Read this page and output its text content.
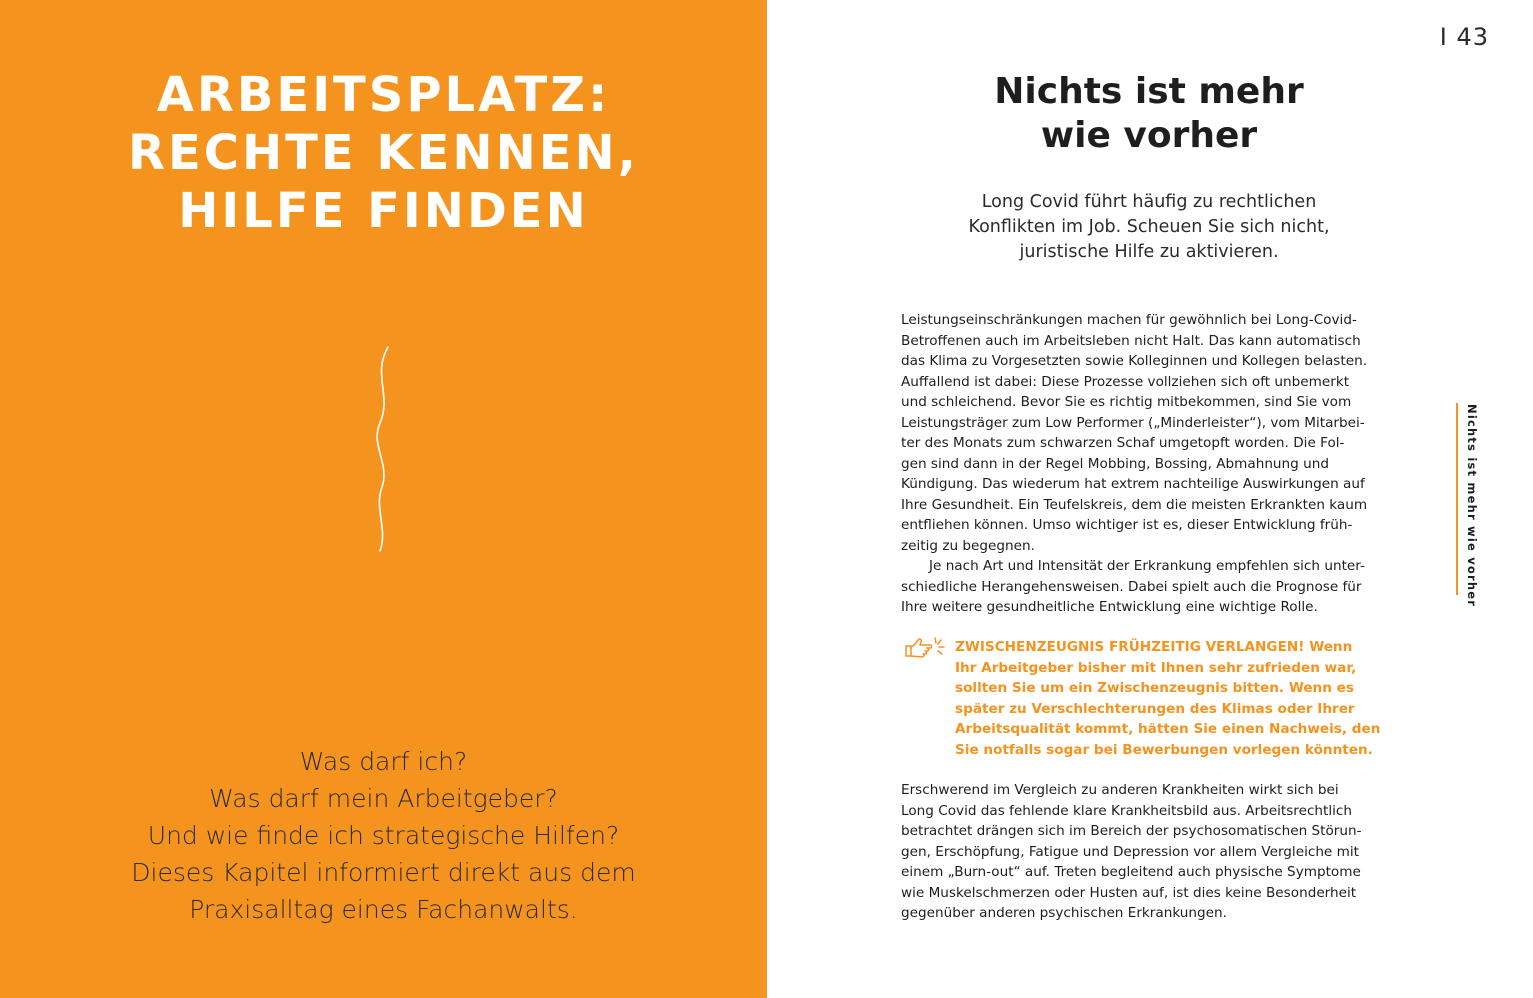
ARBEITSPLATZ:
RECHTE KENNEN,
HILFE FINDEN
Was darf ich?
Was darf mein Arbeitgeber?
Und wie finde ich strategische Hilfen?
Dieses Kapitel informiert direkt aus dem
Praxisalltag eines Fachanwalts.
I 43
Nichts ist mehr
wie vorher
Long Covid führt häufig zu rechtlichen
Konflikten im Job. Scheuen Sie sich nicht,
juristische Hilfe zu aktivieren.
Leistungseinschränkungen machen für gewöhnlich bei Long-Covid-
Betroffenen auch im Arbeitsleben nicht Halt. Das kann automatisch
das Klima zu Vorgesetzten sowie Kolleginnen und Kollegen belasten.
Auffallend ist dabei: Diese Prozesse vollziehen sich oft unbemerkt
und schleichend. Bevor Sie es richtig mitbekommen, sind Sie vom
Leistungsträger zum Low Performer („Minderleister“), vom Mitarbei-
ter des Monats zum schwarzen Schaf umgetopft worden. Die Fol-
gen sind dann in der Regel Mobbing, Bossing, Abmahnung und
Kündigung. Das wiederum hat extrem nachteilige Auswirkungen auf
Ihre Gesundheit. Ein Teufelskreis, dem die meisten Erkrankten kaum
entfliehen können. Umso wichtiger ist es, dieser Entwicklung früh-
zeitig zu begegnen.
Je nach Art und Intensität der Erkrankung empfehlen sich unter-
schiedliche Herangehensweisen. Dabei spielt auch die Prognose für
Ihre weitere gesundheitliche Entwicklung eine wichtige Rolle.
ZWISCHENZEUGNIS FRÜHZEITIG VERLANGEN! Wenn
Ihr Arbeitgeber bisher mit Ihnen sehr zufrieden war,
sollten Sie um ein Zwischenzeugnis bitten. Wenn es
später zu Verschlechterungen des Klimas oder Ihrer
Arbeitsqualität kommt, hätten Sie einen Nachweis, den
Sie notfalls sogar bei Bewerbungen vorlegen könnten.
Erschwerend im Vergleich zu anderen Krankheiten wirkt sich bei
Long Covid das fehlende klare Krankheitsbild aus. Arbeitsrechtlich
betrachtet drängen sich im Bereich der psychosomatischen Störun-
gen, Erschöpfung, Fatigue und Depression vor allem Vergleiche mit
einem „Burn-out“ auf. Treten begleitend auch physische Symptome
wie Muskelschmerzen oder Husten auf, ist dies keine Besonderheit
gegenüber anderen psychischen Erkrankungen.
Nichts ist mehr wie vorher
